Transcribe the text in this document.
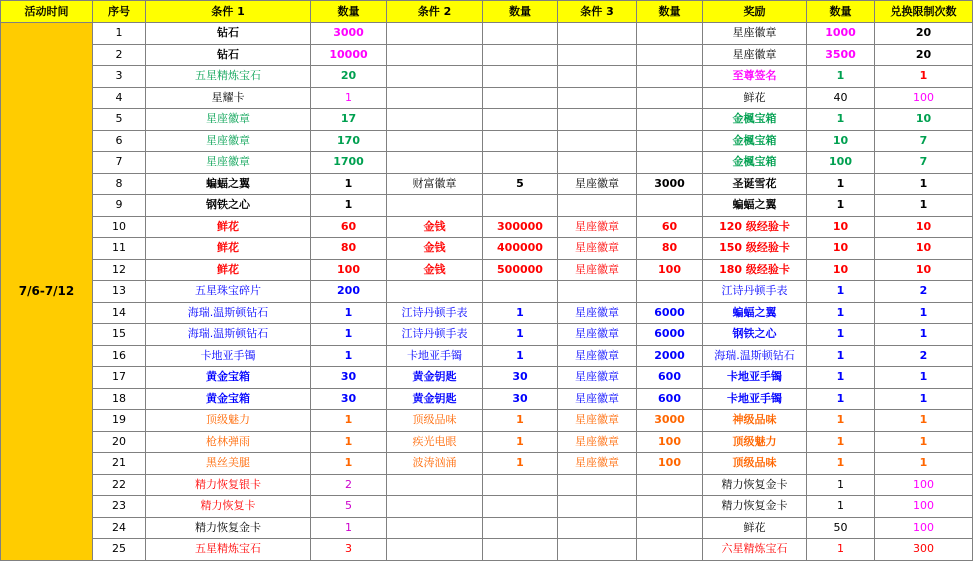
活动时间	序号	条件 1	数量	条件 2	数量	条件 3	数量	奖励	数量	兑换限制次数
7/6-7/12	1	钻石	3000					星座徽章	1000	20
	2	钻石	10000					星座徽章	3500	20
	3	五星精炼宝石	20					至尊签名	1	1
	4	星耀卡	1					鲜花	40	100
	5	星座徽章	17					金楓宝箱	1	10
	6	星座徽章	170					金楓宝箱	10	7
	7	星座徽章	1700					金楓宝箱	100	7
	8	蝙蝠之翼	1	财富徽章	5	星座徽章	3000	圣诞雪花	1	1
	9	钢铁之心	1					蝙蝠之翼	1	1
	10	鲜花	60	金钱	300000	星座徽章	60	120 级经验卡	10	10
	11	鲜花	80	金钱	400000	星座徽章	80	150 级经验卡	10	10
	12	鲜花	100	金钱	500000	星座徽章	100	180 级经验卡	10	10
	13	五星珠宝碎片	200					江诗丹顿手表	1	2
	14	海瑞.温斯顿钻石	1	江诗丹顿手表	1	星座徽章	6000	蝙蝠之翼	1	1
	15	海瑞.温斯顿钻石	1	江诗丹顿手表	1	星座徽章	6000	钢铁之心	1	1
	16	卡地亚手镯	1	卡地亚手镯	1	星座徽章	2000	海瑞.温斯顿钻石	1	2
	17	黄金宝箱	30	黄金钥匙	30	星座徽章	600	卡地亚手镯	1	1
	18	黄金宝箱	30	黄金钥匙	30	星座徽章	600	卡地亚手镯	1	1
	19	顶级魅力	1	顶级品味	1	星座徽章	3000	神级品味	1	1
	20	枪林弹雨	1	疾光电眼	1	星座徽章	100	顶级魅力	1	1
	21	黑丝美腿	1	波涛汹涌	1	星座徽章	100	顶级品味	1	1
	22	精力恢复银卡	2					精力恢复金卡	1	100
	23	精力恢复卡	5					精力恢复金卡	1	100
	24	精力恢复金卡	1					鲜花	50	100
	25	五星精炼宝石	3					六星精炼宝石	1	300
